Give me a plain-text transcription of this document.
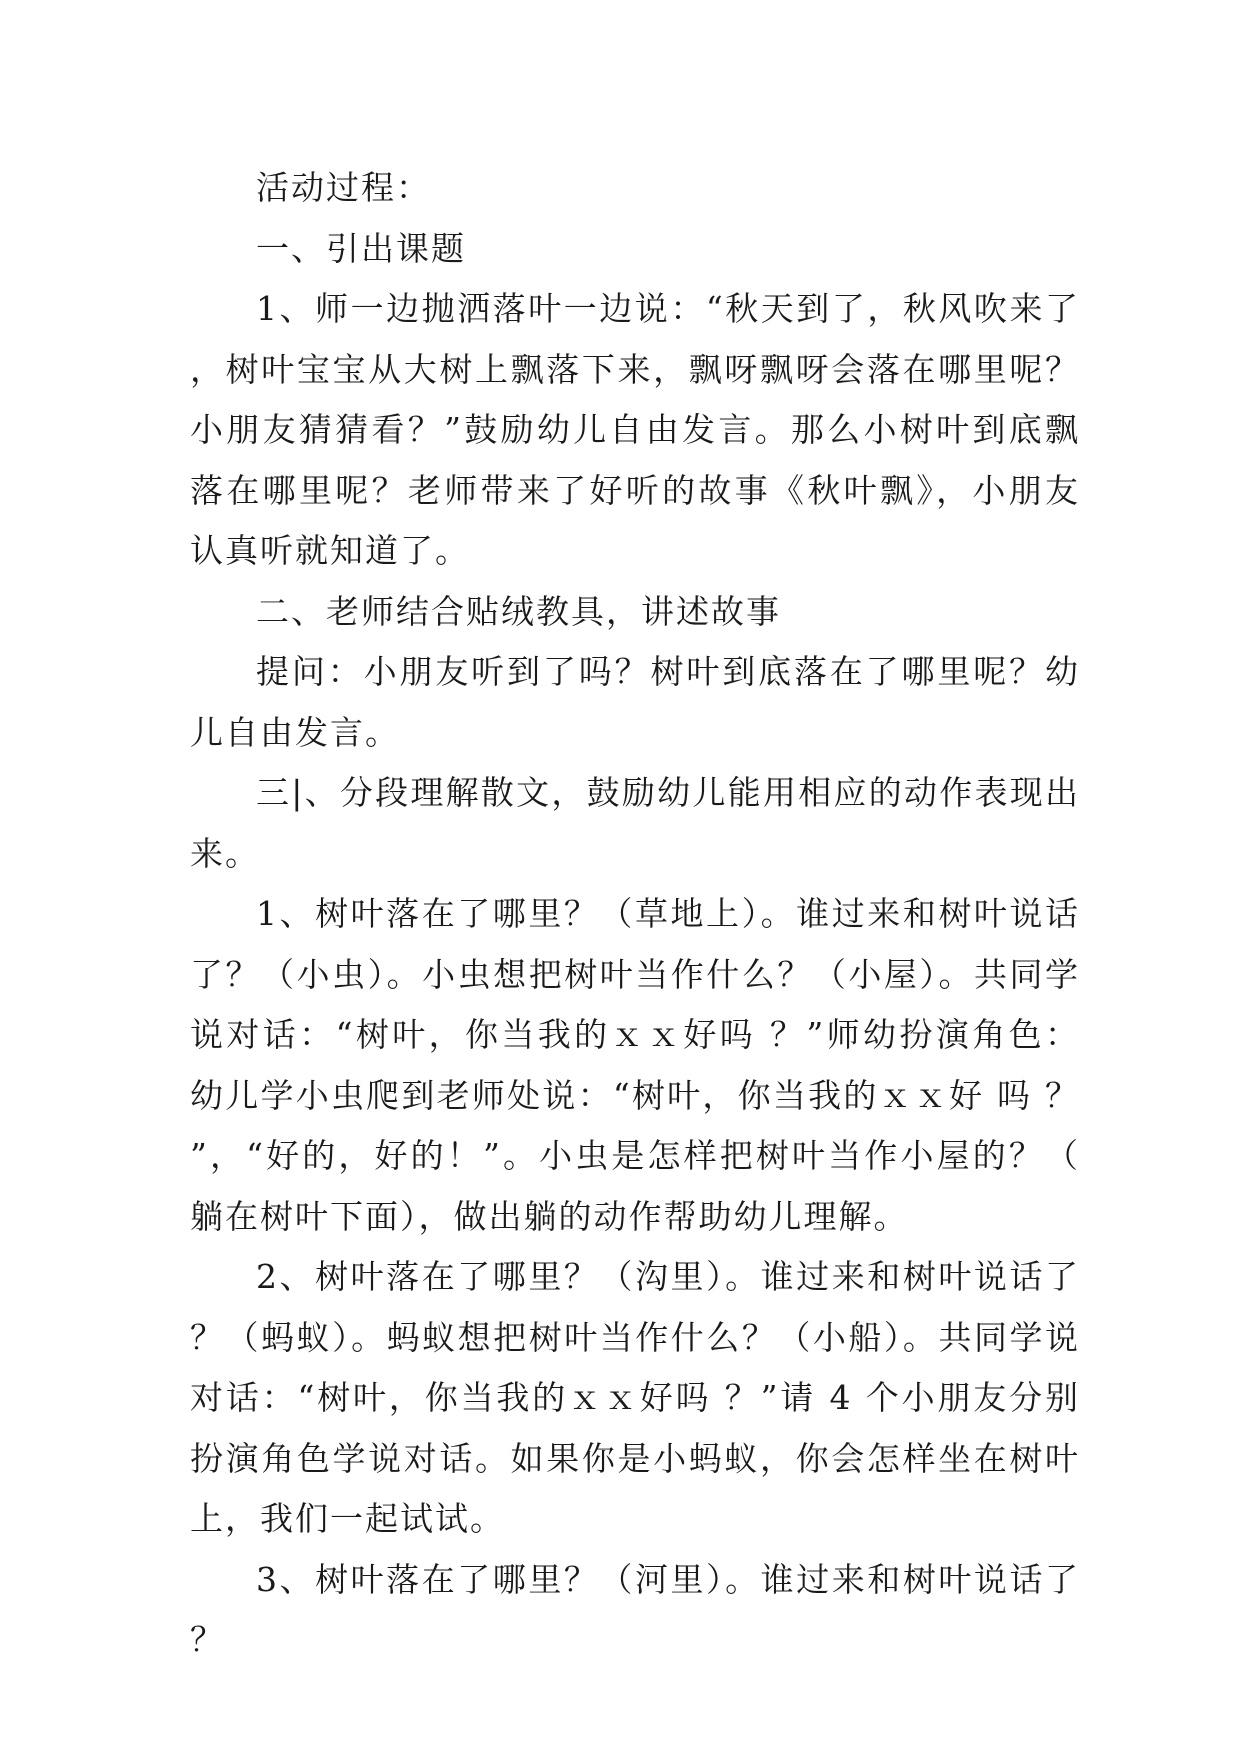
活动过程：

一、引出课题

1、师一边抛洒落叶一边说：“秋天到了，秋风吹来了，树叶宝宝从大树上飘落下来，飘呀飘呀会落在哪里呢？小朋友猜猜看？”鼓励幼儿自由发言。那么小树叶到底飘落在哪里呢？老师带来了好听的故事《秋叶飘》，小朋友认真听就知道了。

二、老师结合贴绒教具，讲述故事

提问：小朋友听到了吗？树叶到底落在了哪里呢？幼儿自由发言。

三|、分段理解散文，鼓励幼儿能用相应的动作表现出来。

1、树叶落在了哪里？（草地上）。谁过来和树叶说话了？（小虫）。小虫想把树叶当作什么？（小屋）。共同学说对话：“树叶，你当我的ｘｘ好吗 ？”师幼扮演角色：幼儿学小虫爬到老师处说：“树叶，你当我的ｘｘ好 吗 ？”，“好的，好的！”。小虫是怎样把树叶当作小屋的？（躺在树叶下面），做出躺的动作帮助幼儿理解。

2、树叶落在了哪里？（沟里）。谁过来和树叶说话了？（蚂蚁）。蚂蚁想把树叶当作什么？（小船）。共同学说对话：“树叶，你当我的ｘｘ好吗 ？”请 4 个小朋友分别扮演角色学说对话。如果你是小蚂蚁，你会怎样坐在树叶上，我们一起试试。

3、树叶落在了哪里？（河里）。谁过来和树叶说话了？
